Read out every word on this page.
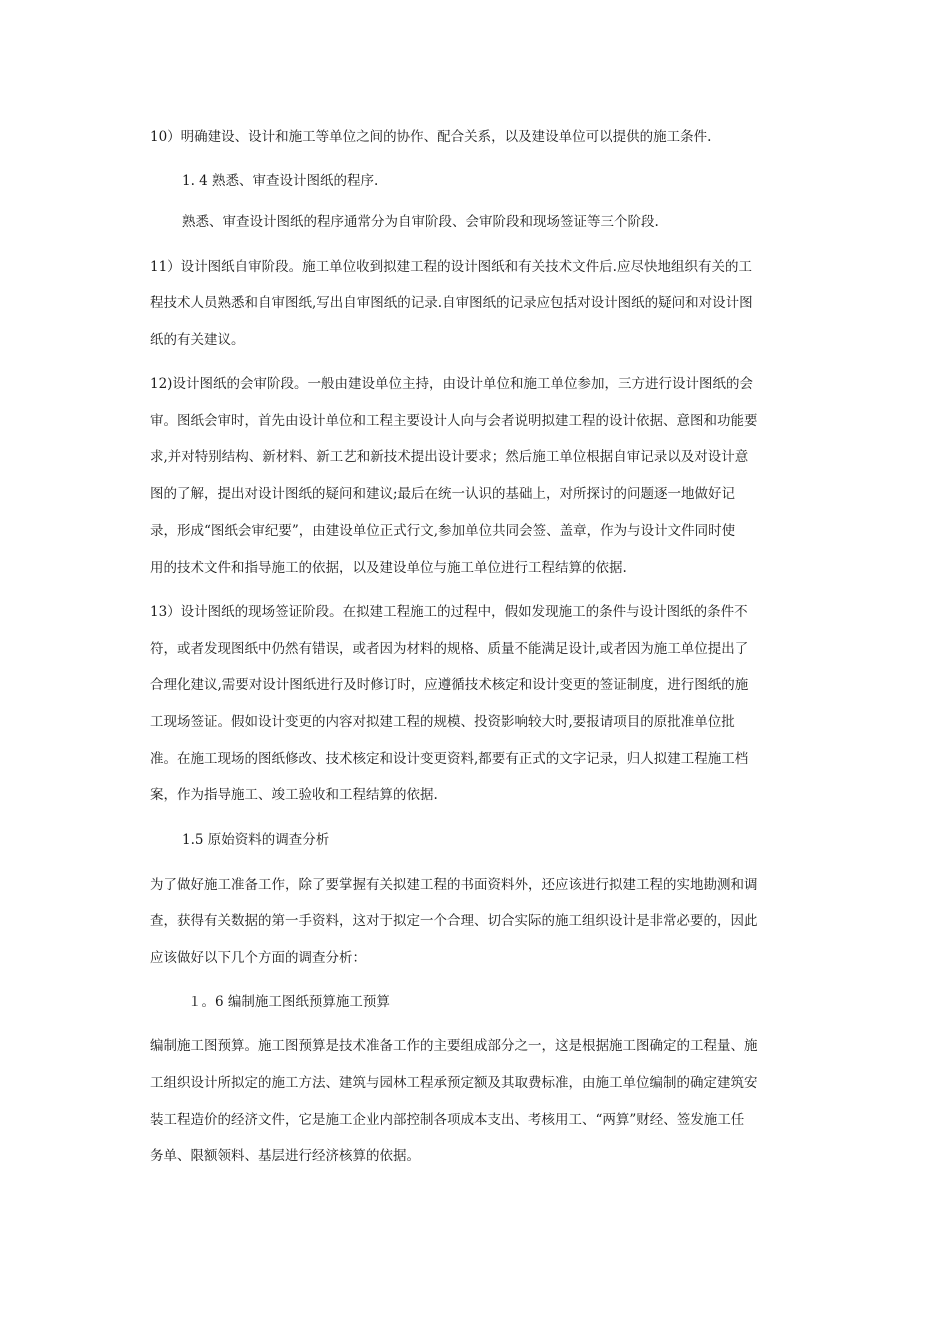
10）明确建设、设计和施工等单位之间的协作、配合关系，以及建设单位可以提供的施工条件.
1. 4 熟悉、审查设计图纸的程序.
熟悉、审查设计图纸的程序通常分为自审阶段、会审阶段和现场签证等三个阶段.
11）设计图纸自审阶段。施工单位收到拟建工程的设计图纸和有关技术文件后.应尽快地组织有关的工
程技术人员熟悉和自审图纸,写出自审图纸的记录.自审图纸的记录应包括对设计图纸的疑问和对设计图
纸的有关建议。
12)设计图纸的会审阶段。一般由建设单位主持，由设计单位和施工单位参加，三方进行设计图纸的会
审。图纸会审时，首先由设计单位和工程主要设计人向与会者说明拟建工程的设计依据、意图和功能要
求,并对特别结构、新材料、新工艺和新技术提出设计要求；然后施工单位根据自审记录以及对设计意
图的了解，提出对设计图纸的疑问和建议;最后在统一认识的基础上，对所探讨的问题逐一地做好记
录，形成“图纸会审纪要”，由建设单位正式行文,参加单位共同会签、盖章，作为与设计文件同时使
用的技术文件和指导施工的依据，以及建设单位与施工单位进行工程结算的依据.
13）设计图纸的现场签证阶段。在拟建工程施工的过程中，假如发现施工的条件与设计图纸的条件不
符，或者发现图纸中仍然有错误，或者因为材料的规格、质量不能满足设计,或者因为施工单位提出了
合理化建议,需要对设计图纸进行及时修订时，应遵循技术核定和设计变更的签证制度，进行图纸的施
工现场签证。假如设计变更的内容对拟建工程的规模、投资影响较大时,要报请项目的原批准单位批
准。在施工现场的图纸修改、技术核定和设计变更资料,都要有正式的文字记录，归人拟建工程施工档
案，作为指导施工、竣工验收和工程结算的依据.
1.5 原始资料的调查分析
为了做好施工准备工作，除了要掌握有关拟建工程的书面资料外，还应该进行拟建工程的实地勘测和调
查，获得有关数据的第一手资料，这对于拟定一个合理、切合实际的施工组织设计是非常必要的，因此
应该做好以下几个方面的调查分析：
１。6 编制施工图纸预算施工预算
编制施工图预算。施工图预算是技术准备工作的主要组成部分之一，这是根据施工图确定的工程量、施
工组织设计所拟定的施工方法、建筑与园林工程承预定额及其取费标准，由施工单位编制的确定建筑安
装工程造价的经济文件，它是施工企业内部控制各项成本支出、考核用工、“两算”财经、签发施工任
务单、限额领料、基层进行经济核算的依据。
